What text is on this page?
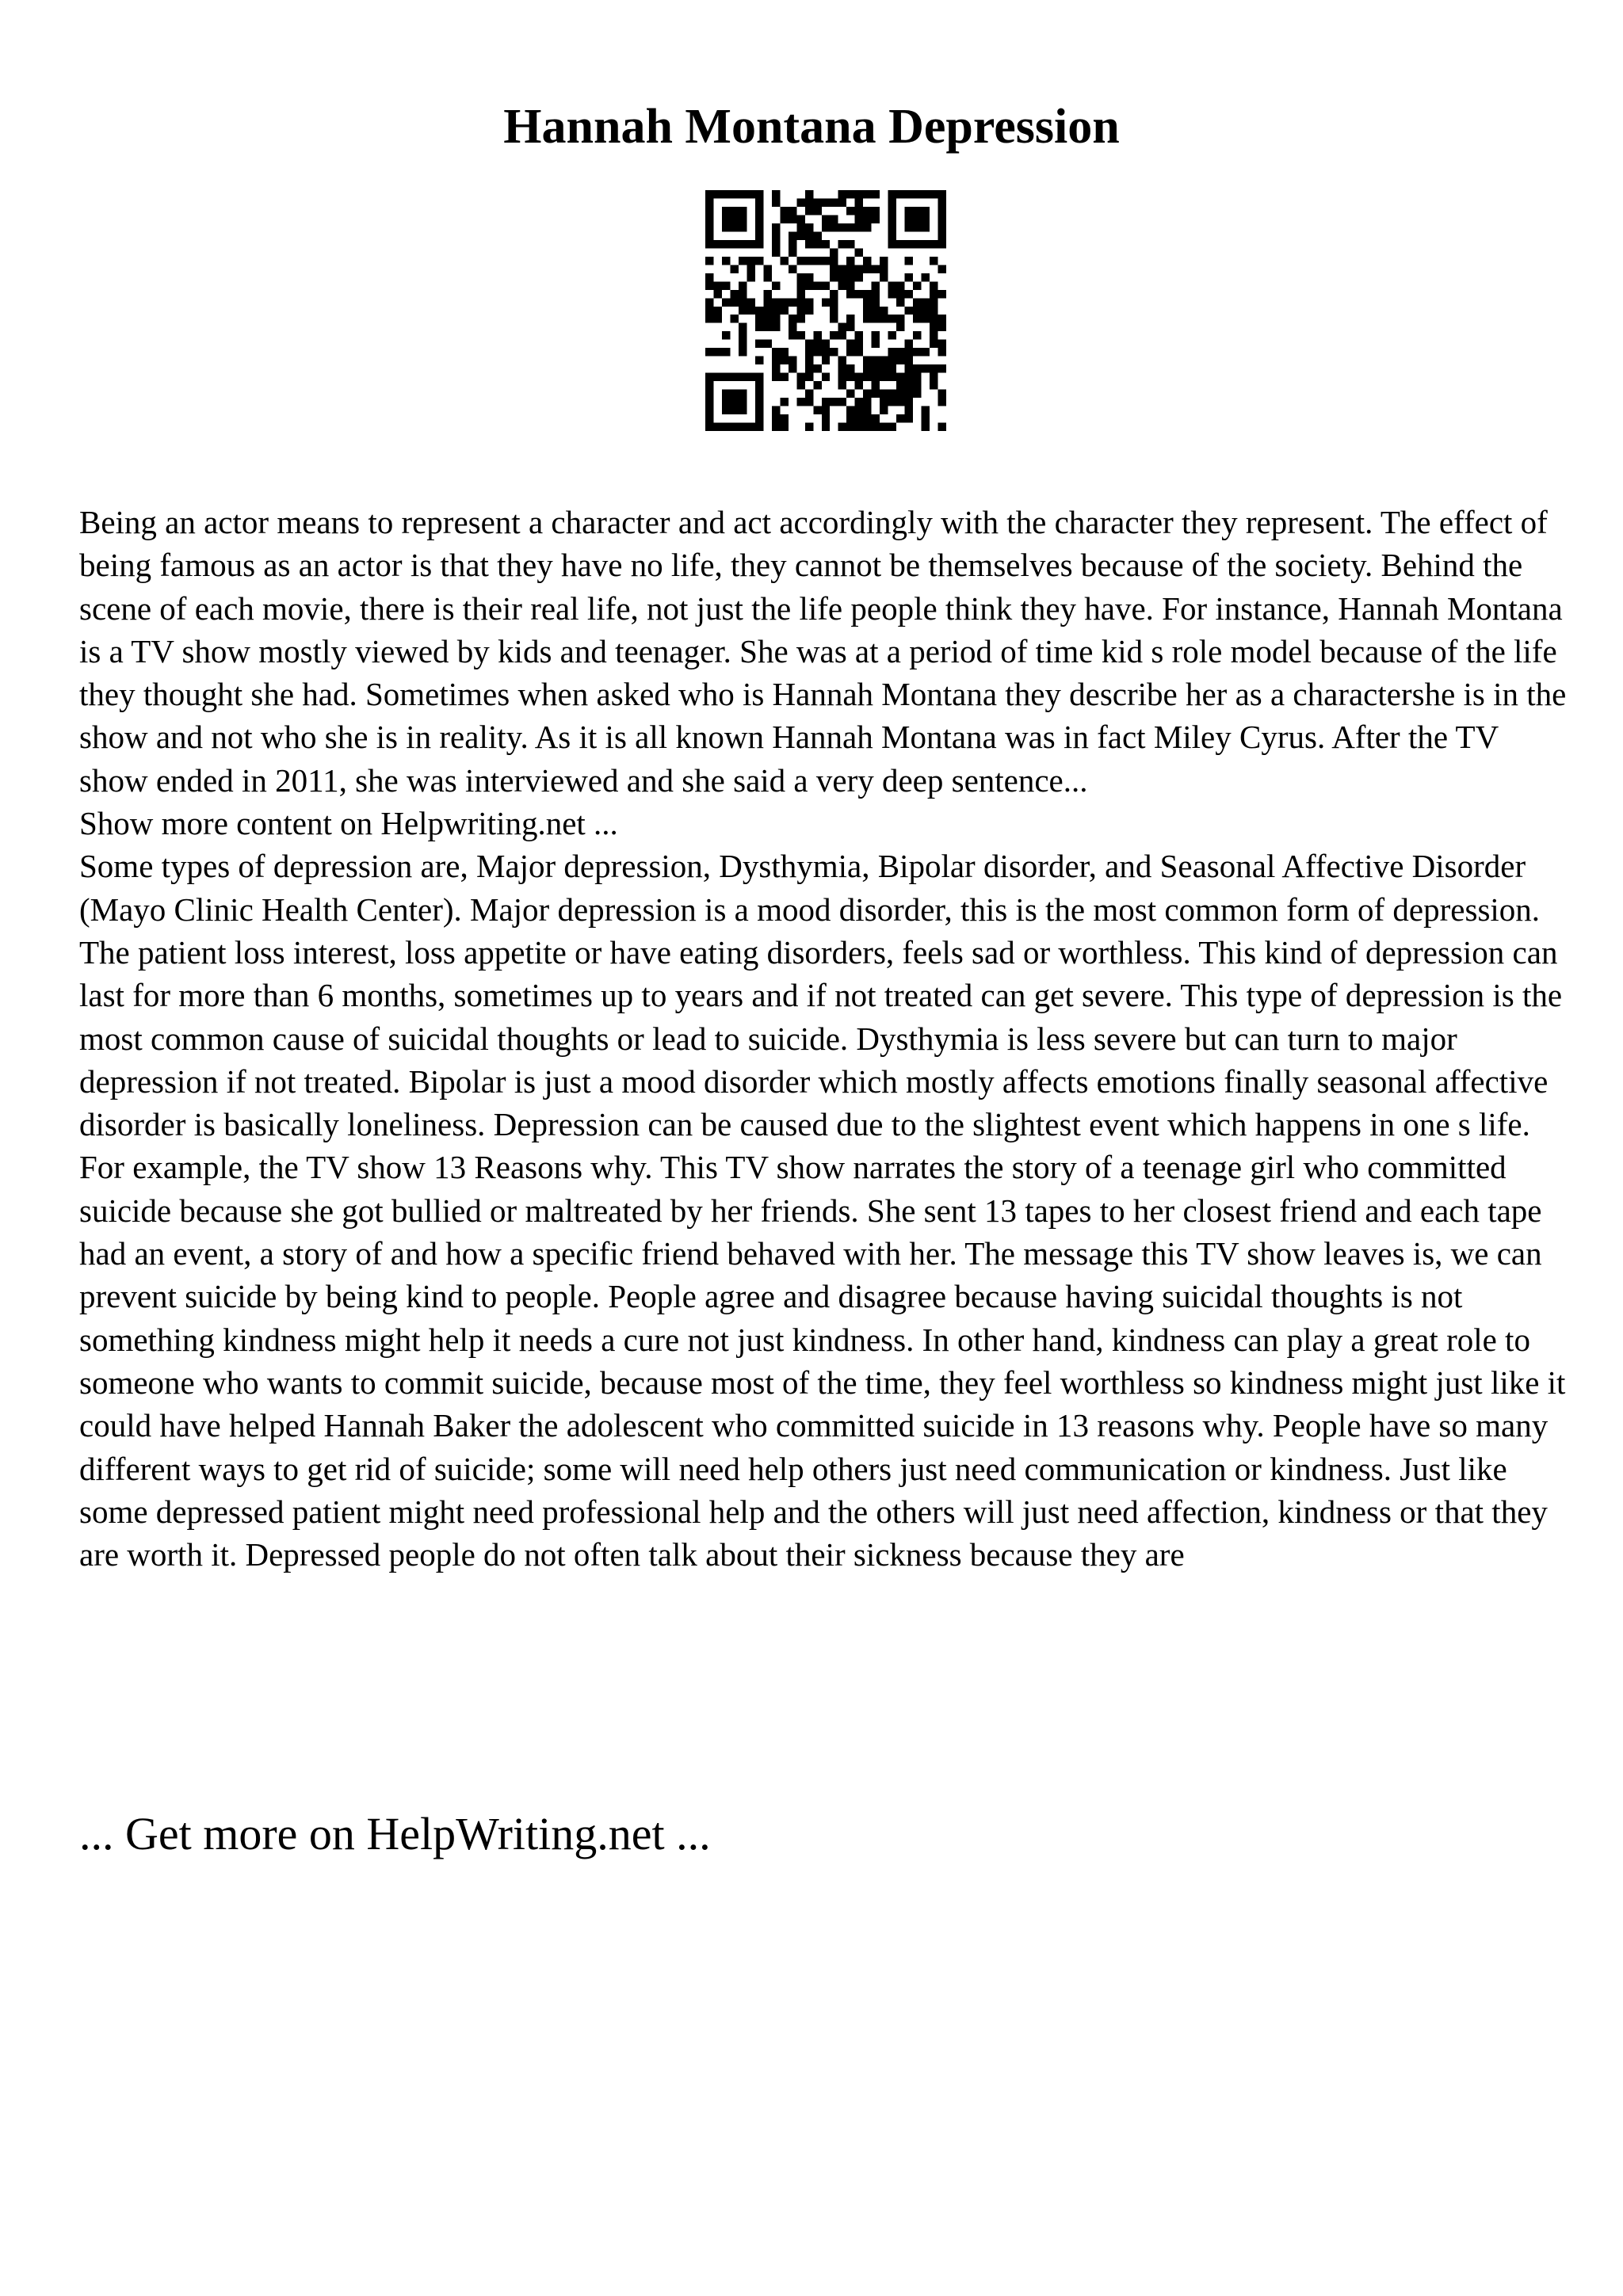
Hannah Montana Depression

Being an actor means to represent a character and act accordingly with the character they represent. The effect of being famous as an actor is that they have no life, they cannot be themselves because of the society. Behind the scene of each movie, there is their real life, not just the life people think they have. For instance, Hannah Montana is a TV show mostly viewed by kids and teenager. She was at a period of time kid s role model because of the life they thought she had. Sometimes when asked who is Hannah Montana they describe her as a charactershe is in the show and not who she is in reality. As it is all known Hannah Montana was in fact Miley Cyrus. After the TV show ended in 2011, she was interviewed and she said a very deep sentence...

Show more content on Helpwriting.net ...

Some types of depression are, Major depression, Dysthymia, Bipolar disorder, and Seasonal Affective Disorder (Mayo Clinic Health Center). Major depression is a mood disorder, this is the most common form of depression. The patient loss interest, loss appetite or have eating disorders, feels sad or worthless. This kind of depression can last for more than 6 months, sometimes up to years and if not treated can get severe. This type of depression is the most common cause of suicidal thoughts or lead to suicide. Dysthymia is less severe but can turn to major depression if not treated. Bipolar is just a mood disorder which mostly affects emotions finally seasonal affective disorder is basically loneliness. Depression can be caused due to the slightest event which happens in one s life. For example, the TV show 13 Reasons why. This TV show narrates the story of a teenage girl who committed suicide because she got bullied or maltreated by her friends. She sent 13 tapes to her closest friend and each tape had an event, a story of and how a specific friend behaved with her. The message this TV show leaves is, we can prevent suicide by being kind to people. People agree and disagree because having suicidal thoughts is not something kindness might help it needs a cure not just kindness. In other hand, kindness can play a great role to someone who wants to commit suicide, because most of the time, they feel worthless so kindness might just like it could have helped Hannah Baker the adolescent who committed suicide in 13 reasons why. People have so many different ways to get rid of suicide; some will need help others just need communication or kindness. Just like some depressed patient might need professional help and the others will just need affection, kindness or that they are worth it. Depressed people do not often talk about their sickness because they are

... Get more on HelpWriting.net ...
